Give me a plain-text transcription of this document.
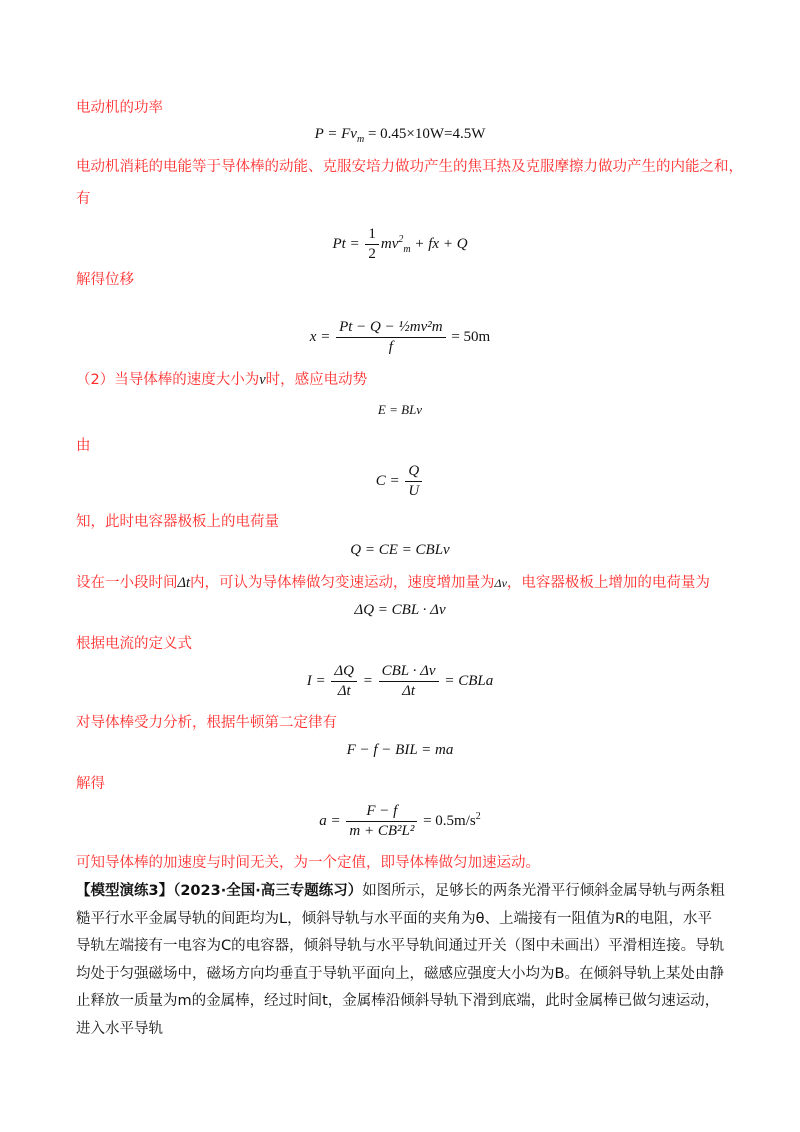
电动机的功率
$P = Fv_m = 0.45\times 10W=4.5W$
电动机消耗的电能等于导体棒的动能、克服安培力做功产生的焦耳热及克服摩擦力做功产生的内能之和，
有
$Pt = \frac{1}{2} mv^2_m$ + fx + Q
解得位移
$x = \frac{\text{Pt − Q − ½mv²m}}{f} = 50m$
（2）当导体棒的速度大小为v时，感应电动势
E = BLv
由
$C = \frac{Q}{U}$
知，此时电容器极板上的电荷量
Q = CE = CBLv
设在一小段时间Δt内，可认为导体棒做匀变速运动，速度增加量为Δv，电容器极板上增加的电荷量为
ΔQ = CBL · Δv
根据电流的定义式
$I = \frac{\Delta Q}{\Delta t} = \frac{\text{CBL · Δv}}{\Delta t}$ = CBLa
对导体棒受力分析，根据牛顿第二定律有
F − f − BIL = ma
解得
$a = \frac{F - f}{\text{m + CB²L²}} = 0.5m/s^2$
可知导体棒的加速度与时间无关，为一个定值，即导体棒做匀加速运动。
【模型演练3】（2023·全国·高三专题练习）如图所示，足够长的两条光滑平行倾斜金属导轨与两条粗糙平行水平金属导轨的间距均为L，倾斜导轨与水平面的夹角为θ、上端接有一阻值为R的电阻，水平导轨左端接有一电容为C的电容器，倾斜导轨与水平导轨间通过开关（图中未画出）平滑相连接。导轨均处于匀强磁场中，磁场方向均垂直于导轨平面向上，磁感应强度大小均为B。在倾斜导轨上某处由静止释放一质量为m的金属棒，经过时间t，金属棒沿倾斜导轨下滑到底端，此时金属棒已做匀速运动，进入水平导轨
